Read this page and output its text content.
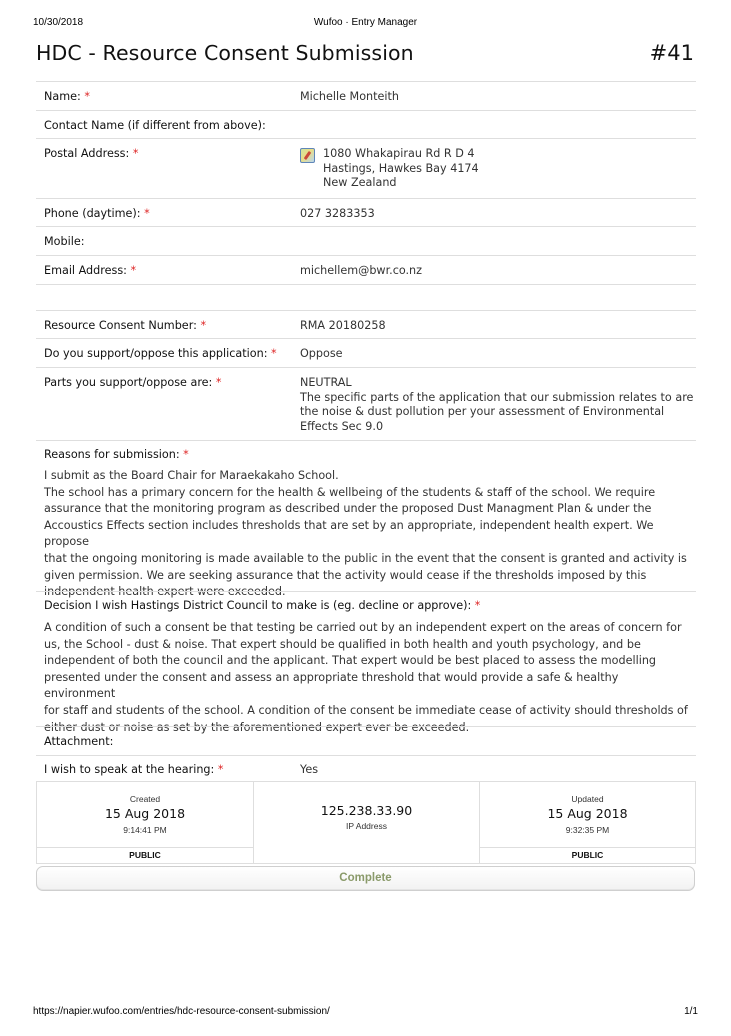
10/30/2018	Wufoo · Entry Manager
HDC - Resource Consent Submission	#41
Name: *	Michelle Monteith
Contact Name (if different from above):
Postal Address: *	1080 Whakapirau Rd R D 4
Hastings, Hawkes Bay 4174
New Zealand
Phone (daytime): *	027 3283353
Mobile:
Email Address: *	michellem@bwr.co.nz
Resource Consent Number: *	RMA 20180258
Do you support/oppose this application: * Oppose
Parts you support/oppose are: *	NEUTRAL
The specific parts of the application that our submission relates to are
the noise & dust pollution per your assessment of Environmental
Effects Sec 9.0
Reasons for submission: *
I submit as the Board Chair for Maraekakaho School.
The school has a primary concern for the health & wellbeing of the students & staff of the school. We require
assurance that the monitoring program as described under the proposed Dust Managment Plan & under the
Accoustics Effects section includes thresholds that are set by an appropriate, independent health expert. We propose
that the ongoing monitoring is made available to the public in the event that the consent is granted and activity is
given permission. We are seeking assurance that the activity would cease if the thresholds imposed by this
independent health expert were exceeded.
Decision I wish Hastings District Council to make is (eg. decline or approve): *
A condition of such a consent be that testing be carried out by an independent expert on the areas of concern for
us, the School - dust & noise. That expert should be qualified in both health and youth psychology, and be
independent of both the council and the applicant. That expert would be best placed to assess the modelling
presented under the consent and assess an appropriate threshold that would provide a safe & healthy environment
for staff and students of the school. A condition of the consent be immediate cease of activity should thresholds of
either dust or noise as set by the aforementioned expert ever be exceeded.
Attachment:
I wish to speak at the hearing: *	Yes
Created
15 Aug 2018
9:14:41 PM
PUBLIC
125.238.33.90
IP Address
Updated
15 Aug 2018
9:32:35 PM
PUBLIC
Complete
https://napier.wufoo.com/entries/hdc-resource-consent-submission/	1/1
